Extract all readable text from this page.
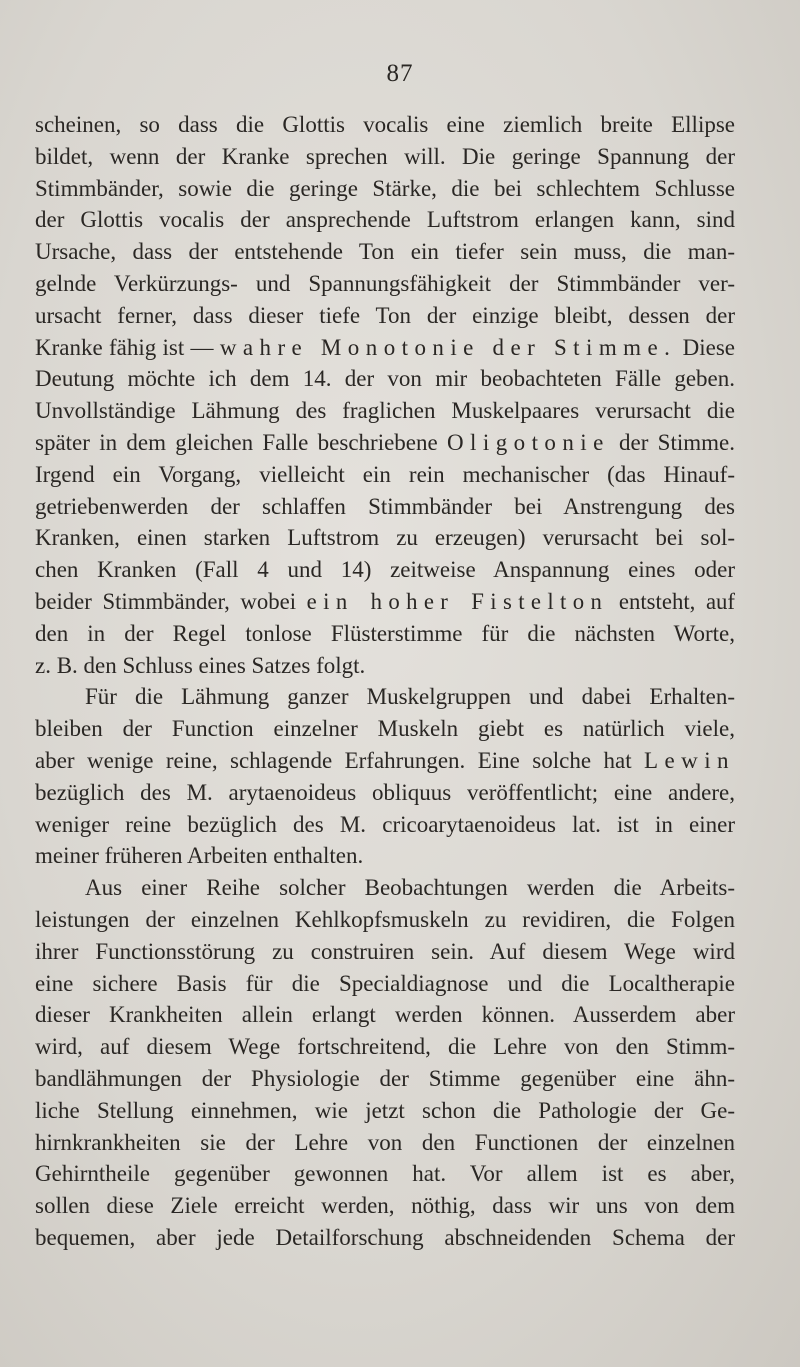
87
scheinen, so dass die Glottis vocalis eine ziemlich breite Ellipse
bildet, wenn der Kranke sprechen will. Die geringe Spannung der
Stimmbänder, sowie die geringe Stärke, die bei schlechtem Schlusse
der Glottis vocalis der ansprechende Luftstrom erlangen kann, sind
Ursache, dass der entstehende Ton ein tiefer sein muss, die man-
gelnde Verkürzungs- und Spannungsfähigkeit der Stimmbänder ver-
ursacht ferner, dass dieser tiefe Ton der einzige bleibt, dessen der
Kranke fähig ist — wahre Monotonie der Stimme. Diese
Deutung möchte ich dem 14. der von mir beobachteten Fälle geben.
Unvollständige Lähmung des fraglichen Muskelpaares verursacht die
später in dem gleichen Falle beschriebene Oligotonie der Stimme.
Irgend ein Vorgang, vielleicht ein rein mechanischer (das Hinauf-
getriebenwerden der schlaffen Stimmbänder bei Anstrengung des
Kranken, einen starken Luftstrom zu erzeugen) verursacht bei sol-
chen Kranken (Fall 4 und 14) zeitweise Anspannung eines oder
beider Stimmbänder, wobei ein hoher Fistelton entsteht, auf
den in der Regel tonlose Flüsterstimme für die nächsten Worte,
z. B. den Schluss eines Satzes folgt.
Für die Lähmung ganzer Muskelgruppen und dabei Erhalten-
bleiben der Function einzelner Muskeln giebt es natürlich viele,
aber wenige reine, schlagende Erfahrungen. Eine solche hat Lewin
bezüglich des M. arytaenoideus obliquus veröffentlicht; eine andere,
weniger reine bezüglich des M. cricoarytaenoideus lat. ist in einer
meiner früheren Arbeiten enthalten.
Aus einer Reihe solcher Beobachtungen werden die Arbeits-
leistungen der einzelnen Kehlkopfsmuskeln zu revidiren, die Folgen
ihrer Functionsstörung zu construiren sein. Auf diesem Wege wird
eine sichere Basis für die Specialdiagnose und die Localtherapie
dieser Krankheiten allein erlangt werden können. Ausserdem aber
wird, auf diesem Wege fortschreitend, die Lehre von den Stimm-
bandlähmungen der Physiologie der Stimme gegenüber eine ähn-
liche Stellung einnehmen, wie jetzt schon die Pathologie der Ge-
hirnkrankheiten sie der Lehre von den Functionen der einzelnen
Gehirntheile gegenüber gewonnen hat. Vor allem ist es aber,
sollen diese Ziele erreicht werden, nöthig, dass wir uns von dem
bequemen, aber jede Detailforschung abschneidenden Schema der
